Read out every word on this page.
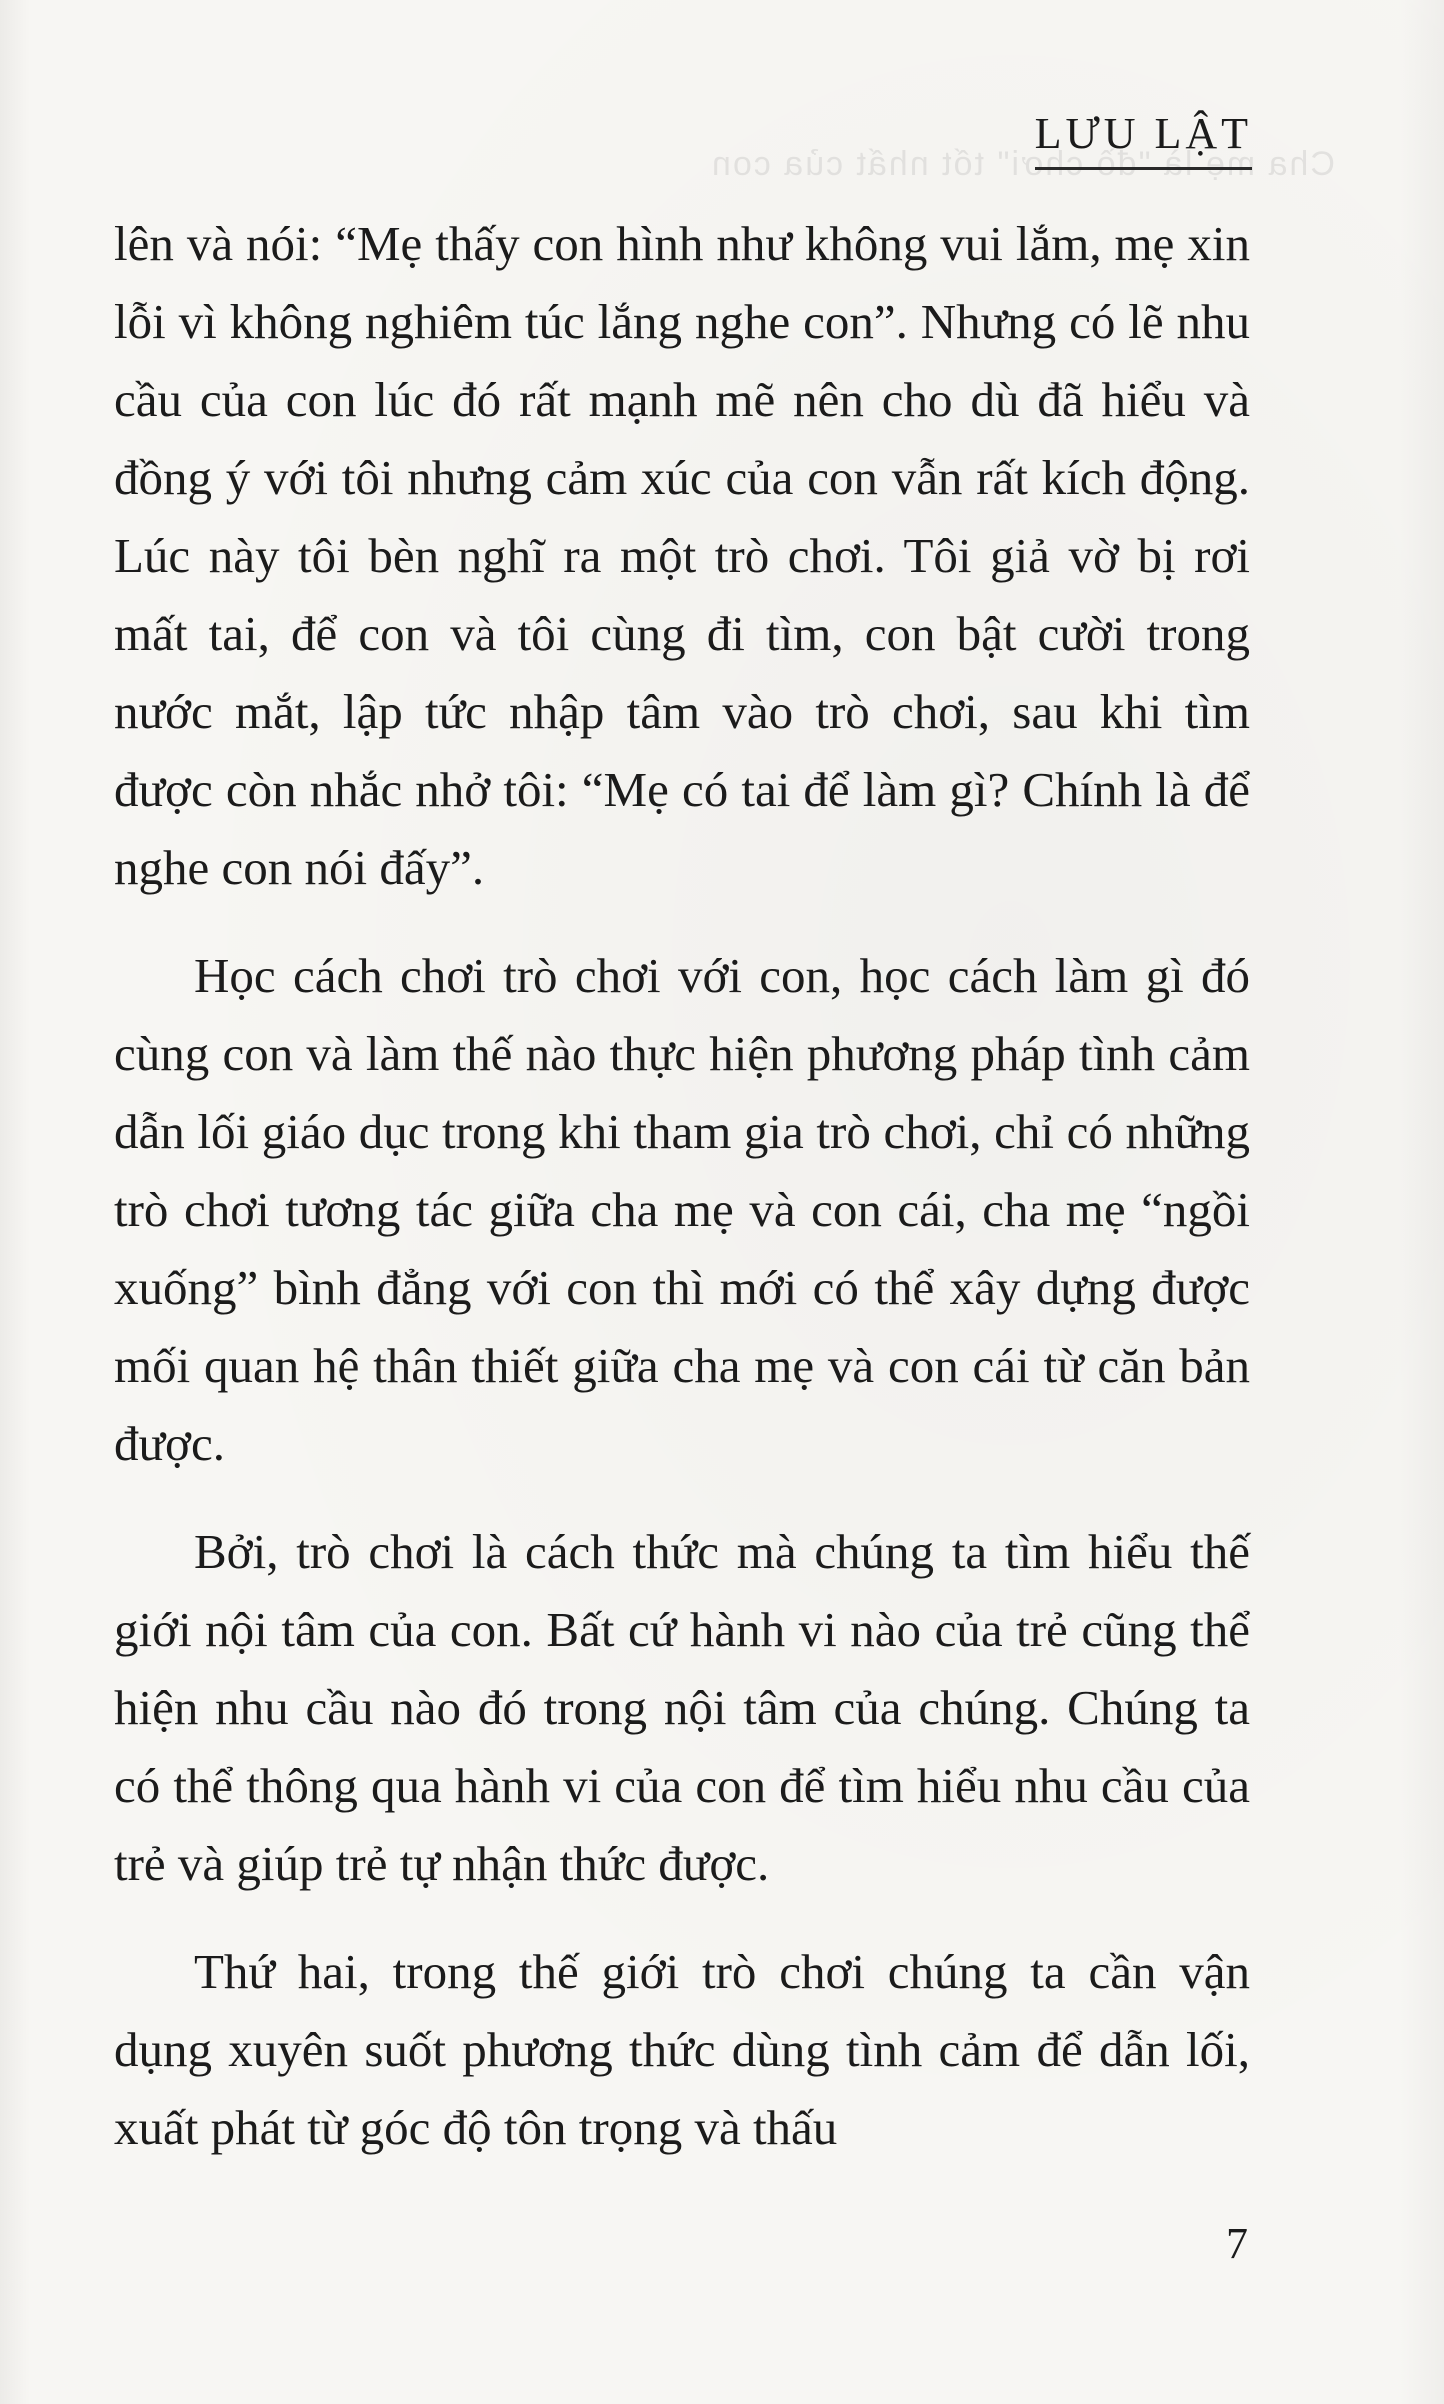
Cha mẹ là "đồ chơi" tốt nhất của con
LƯU LẬT

lên và nói: “Mẹ thấy con hình như không vui lắm, mẹ xin lỗi vì không nghiêm túc lắng nghe con”. Nhưng có lẽ nhu cầu của con lúc đó rất mạnh mẽ nên cho dù đã hiểu và đồng ý với tôi nhưng cảm xúc của con vẫn rất kích động. Lúc này tôi bèn nghĩ ra một trò chơi. Tôi giả vờ bị rơi mất tai, để con và tôi cùng đi tìm, con bật cười trong nước mắt, lập tức nhập tâm vào trò chơi, sau khi tìm được còn nhắc nhở tôi: “Mẹ có tai để làm gì? Chính là để nghe con nói đấy”.

Học cách chơi trò chơi với con, học cách làm gì đó cùng con và làm thế nào thực hiện phương pháp tình cảm dẫn lối giáo dục trong khi tham gia trò chơi, chỉ có những trò chơi tương tác giữa cha mẹ và con cái, cha mẹ “ngồi xuống” bình đẳng với con thì mới có thể xây dựng được mối quan hệ thân thiết giữa cha mẹ và con cái từ căn bản được.

Bởi, trò chơi là cách thức mà chúng ta tìm hiểu thế giới nội tâm của con. Bất cứ hành vi nào của trẻ cũng thể hiện nhu cầu nào đó trong nội tâm của chúng. Chúng ta có thể thông qua hành vi của con để tìm hiểu nhu cầu của trẻ và giúp trẻ tự nhận thức được.

Thứ hai, trong thế giới trò chơi chúng ta cần vận dụng xuyên suốt phương thức dùng tình cảm để dẫn lối, xuất phát từ góc độ tôn trọng và thấu

7
